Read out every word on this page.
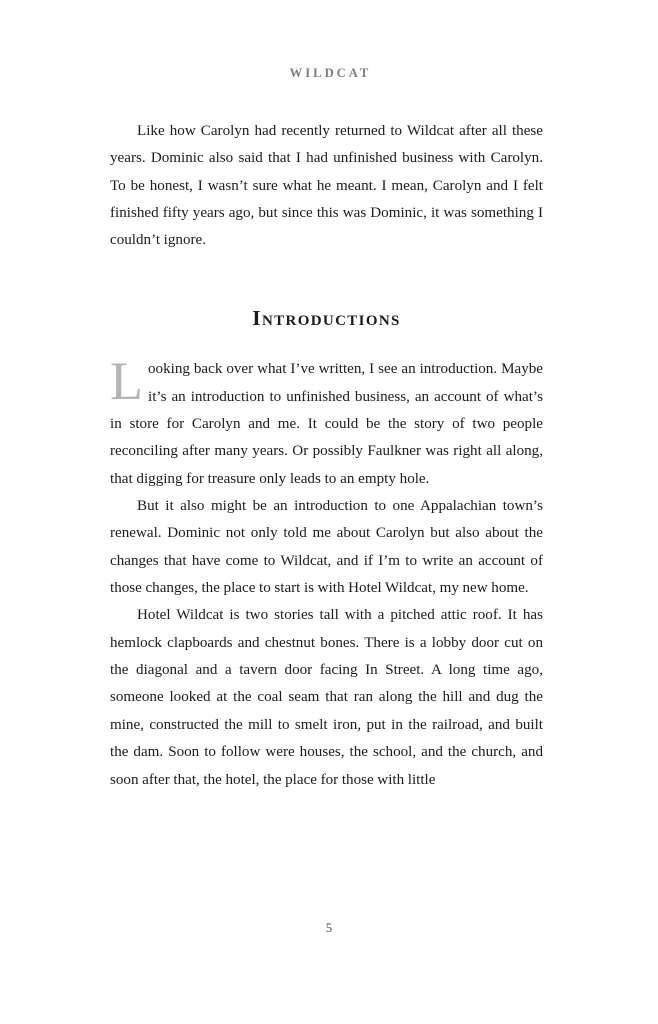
WILDCAT

Like how Carolyn had recently returned to Wildcat after all these years. Dominic also said that I had unfinished business with Carolyn. To be honest, I wasn’t sure what he meant. I mean, Carolyn and I felt finished fifty years ago, but since this was Dominic, it was something I couldn’t ignore.

Introductions

Looking back over what I’ve written, I see an introduction. Maybe it’s an introduction to unfinished business, an account of what’s in store for Carolyn and me. It could be the story of two people reconciling after many years. Or possibly Faulkner was right all along, that digging for treasure only leads to an empty hole.

But it also might be an introduction to one Appalachian town’s renewal. Dominic not only told me about Carolyn but also about the changes that have come to Wildcat, and if I’m to write an account of those changes, the place to start is with Hotel Wildcat, my new home.

Hotel Wildcat is two stories tall with a pitched attic roof. It has hemlock clapboards and chestnut bones. There is a lobby door cut on the diagonal and a tavern door facing In Street. A long time ago, someone looked at the coal seam that ran along the hill and dug the mine, constructed the mill to smelt iron, put in the railroad, and built the dam. Soon to follow were houses, the school, and the church, and soon after that, the hotel, the place for those with little

5
